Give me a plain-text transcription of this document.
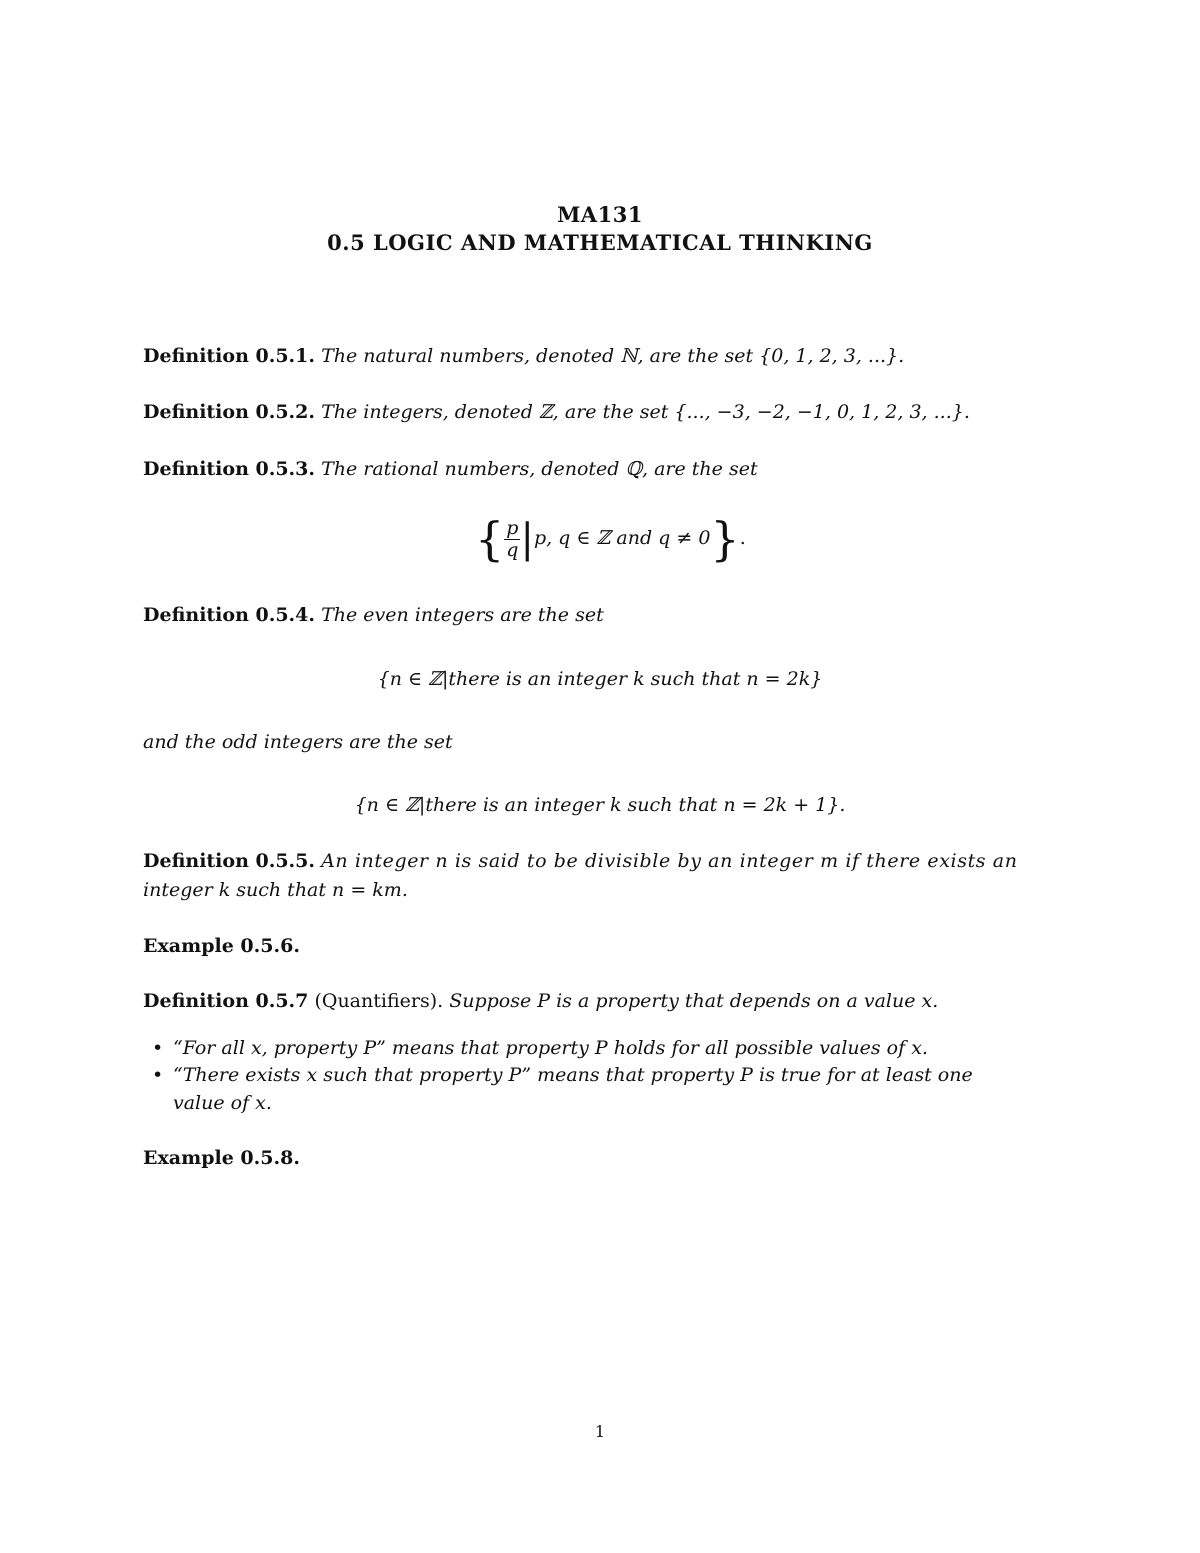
MA131
0.5 LOGIC AND MATHEMATICAL THINKING
Definition 0.5.1. The natural numbers, denoted ℕ, are the set {0, 1, 2, 3, ...}.
Definition 0.5.2. The integers, denoted ℤ, are the set {..., −3, −2, −1, 0, 1, 2, 3, ...}.
Definition 0.5.3. The rational numbers, denoted ℚ, are the set
{ $\frac{p}{q} |p$, q ∈ ℤ and q ≠ 0}.
Definition 0.5.4. The even integers are the set
{n ∈ ℤ|there is an integer k such that n = 2k}
and the odd integers are the set
{n ∈ ℤ|there is an integer k such that n = 2k + 1}.
Definition 0.5.5. An integer n is said to be divisible by an integer m if there exists an
integer k such that n = km.
Example 0.5.6.
Definition 0.5.7 (Quantifiers). Suppose P is a property that depends on a value x.
• “For all x, property P” means that property P holds for all possible values of x.
• “There exists x such that property P” means that property P is true for at least one
value of x.
Example 0.5.8.
1
